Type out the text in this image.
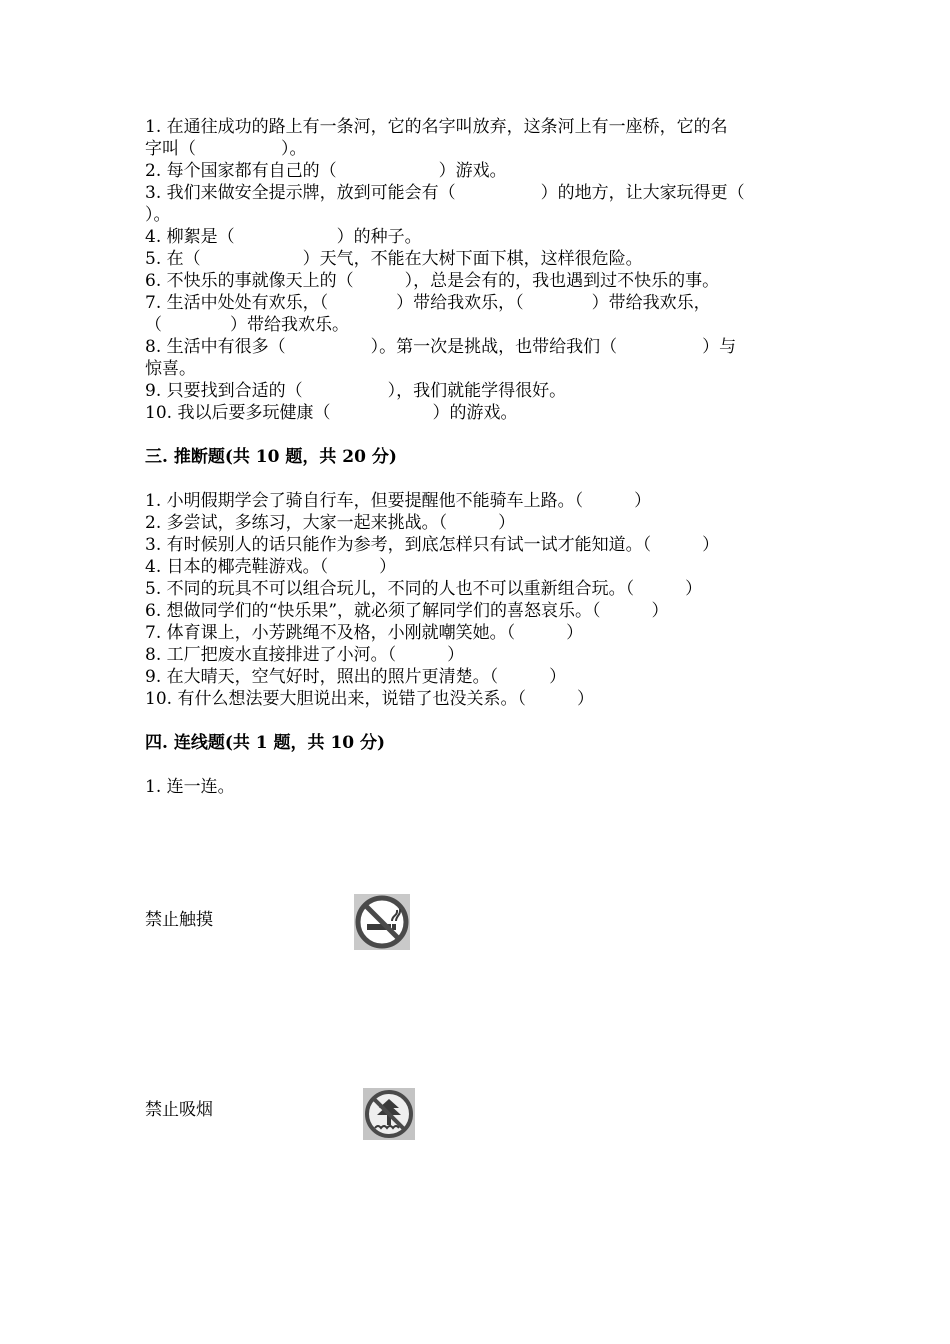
1. 在通往成功的路上有一条河，它的名字叫放弃，这条河上有一座桥，它的名
字叫（　　　　　）。
2. 每个国家都有自己的（　　　　　　）游戏。
3. 我们来做安全提示牌，放到可能会有（　　　　　）的地方，让大家玩得更（
）。
4. 柳絮是（　　　　　　）的种子。
5. 在（　　　　　　）天气，不能在大树下面下棋，这样很危险。
6. 不快乐的事就像天上的（　　　），总是会有的，我也遇到过不快乐的事。
7. 生活中处处有欢乐，（　　　　）带给我欢乐，（　　　　）带给我欢乐，
（　　　　）带给我欢乐。
8. 生活中有很多（　　　　　）。第一次是挑战，也带给我们（　　　　　）与
惊喜。
9. 只要找到合适的（　　　　　），我们就能学得很好。
10. 我以后要多玩健康（　　　　　　）的游戏。
三. 推断题(共 10 题，共 20 分)
1. 小明假期学会了骑自行车，但要提醒他不能骑车上路。（　　　）
2. 多尝试，多练习，大家一起来挑战。（　　　）
3. 有时候别人的话只能作为参考，到底怎样只有试一试才能知道。（　　　）
4. 日本的椰壳鞋游戏。（　　　）
5. 不同的玩具不可以组合玩儿，不同的人也不可以重新组合玩。（　　　）
6. 想做同学们的“快乐果”，就必须了解同学们的喜怒哀乐。（　　　）
7. 体育课上，小芳跳绳不及格，小刚就嘲笑她。（　　　）
8. 工厂把废水直接排进了小河。（　　　）
9. 在大晴天，空气好时，照出的照片更清楚。（　　　）
10. 有什么想法要大胆说出来，说错了也没关系。（　　　）
四. 连线题(共 1 题，共 10 分)
1. 连一连。
禁止触摸
禁止吸烟
